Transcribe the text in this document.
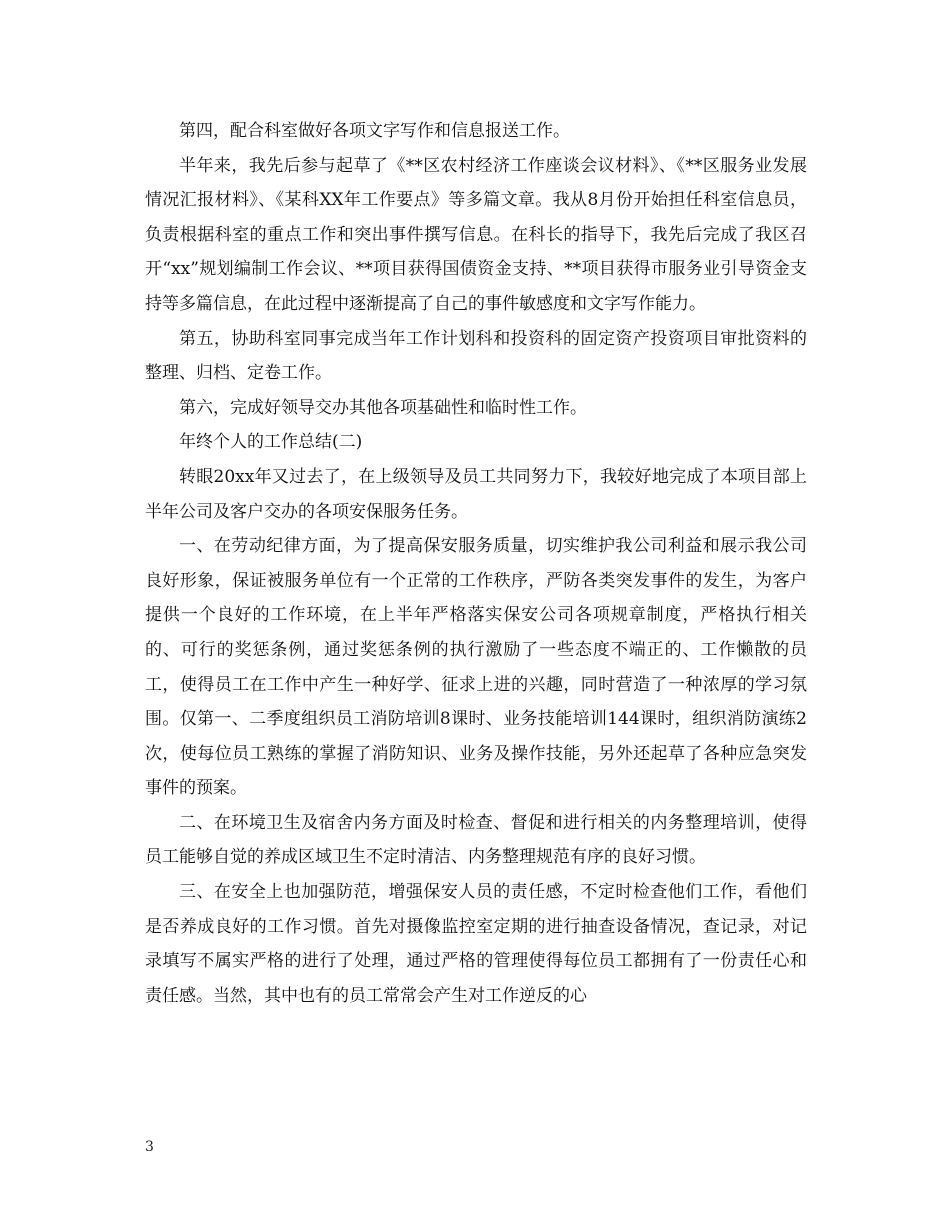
第四，配合科室做好各项文字写作和信息报送工作。

半年来，我先后参与起草了《**区农村经济工作座谈会议材料》、《**区服务业发展情况汇报材料》、《某科XX年工作要点》等多篇文章。我从8月份开始担任科室信息员，负责根据科室的重点工作和突出事件撰写信息。在科长的指导下，我先后完成了我区召开“xx”规划编制工作会议、**项目获得国债资金支持、**项目获得市服务业引导资金支持等多篇信息，在此过程中逐渐提高了自己的事件敏感度和文字写作能力。

第五，协助科室同事完成当年工作计划科和投资科的固定资产投资项目审批资料的整理、归档、定卷工作。

第六，完成好领导交办其他各项基础性和临时性工作。

年终个人的工作总结(二)

转眼20xx年又过去了，在上级领导及员工共同努力下，我较好地完成了本项目部上半年公司及客户交办的各项安保服务任务。

一、在劳动纪律方面，为了提高保安服务质量，切实维护我公司利益和展示我公司良好形象，保证被服务单位有一个正常的工作秩序，严防各类突发事件的发生，为客户提供一个良好的工作环境，在上半年严格落实保安公司各项规章制度，严格执行相关的、可行的奖惩条例，通过奖惩条例的执行激励了一些态度不端正的、工作懒散的员工，使得员工在工作中产生一种好学、征求上进的兴趣，同时营造了一种浓厚的学习氛围。仅第一、二季度组织员工消防培训8课时、业务技能培训144课时，组织消防演练2次，使每位员工熟练的掌握了消防知识、业务及操作技能，另外还起草了各种应急突发事件的预案。

二、在环境卫生及宿舍内务方面及时检查、督促和进行相关的内务整理培训，使得员工能够自觉的养成区域卫生不定时清洁、内务整理规范有序的良好习惯。

三、在安全上也加强防范，增强保安人员的责任感，不定时检查他们工作，看他们是否养成良好的工作习惯。首先对摄像监控室定期的进行抽查设备情况，查记录，对记录填写不属实严格的进行了处理，通过严格的管理使得每位员工都拥有了一份责任心和责任感。当然，其中也有的员工常常会产生对工作逆反的心

3
